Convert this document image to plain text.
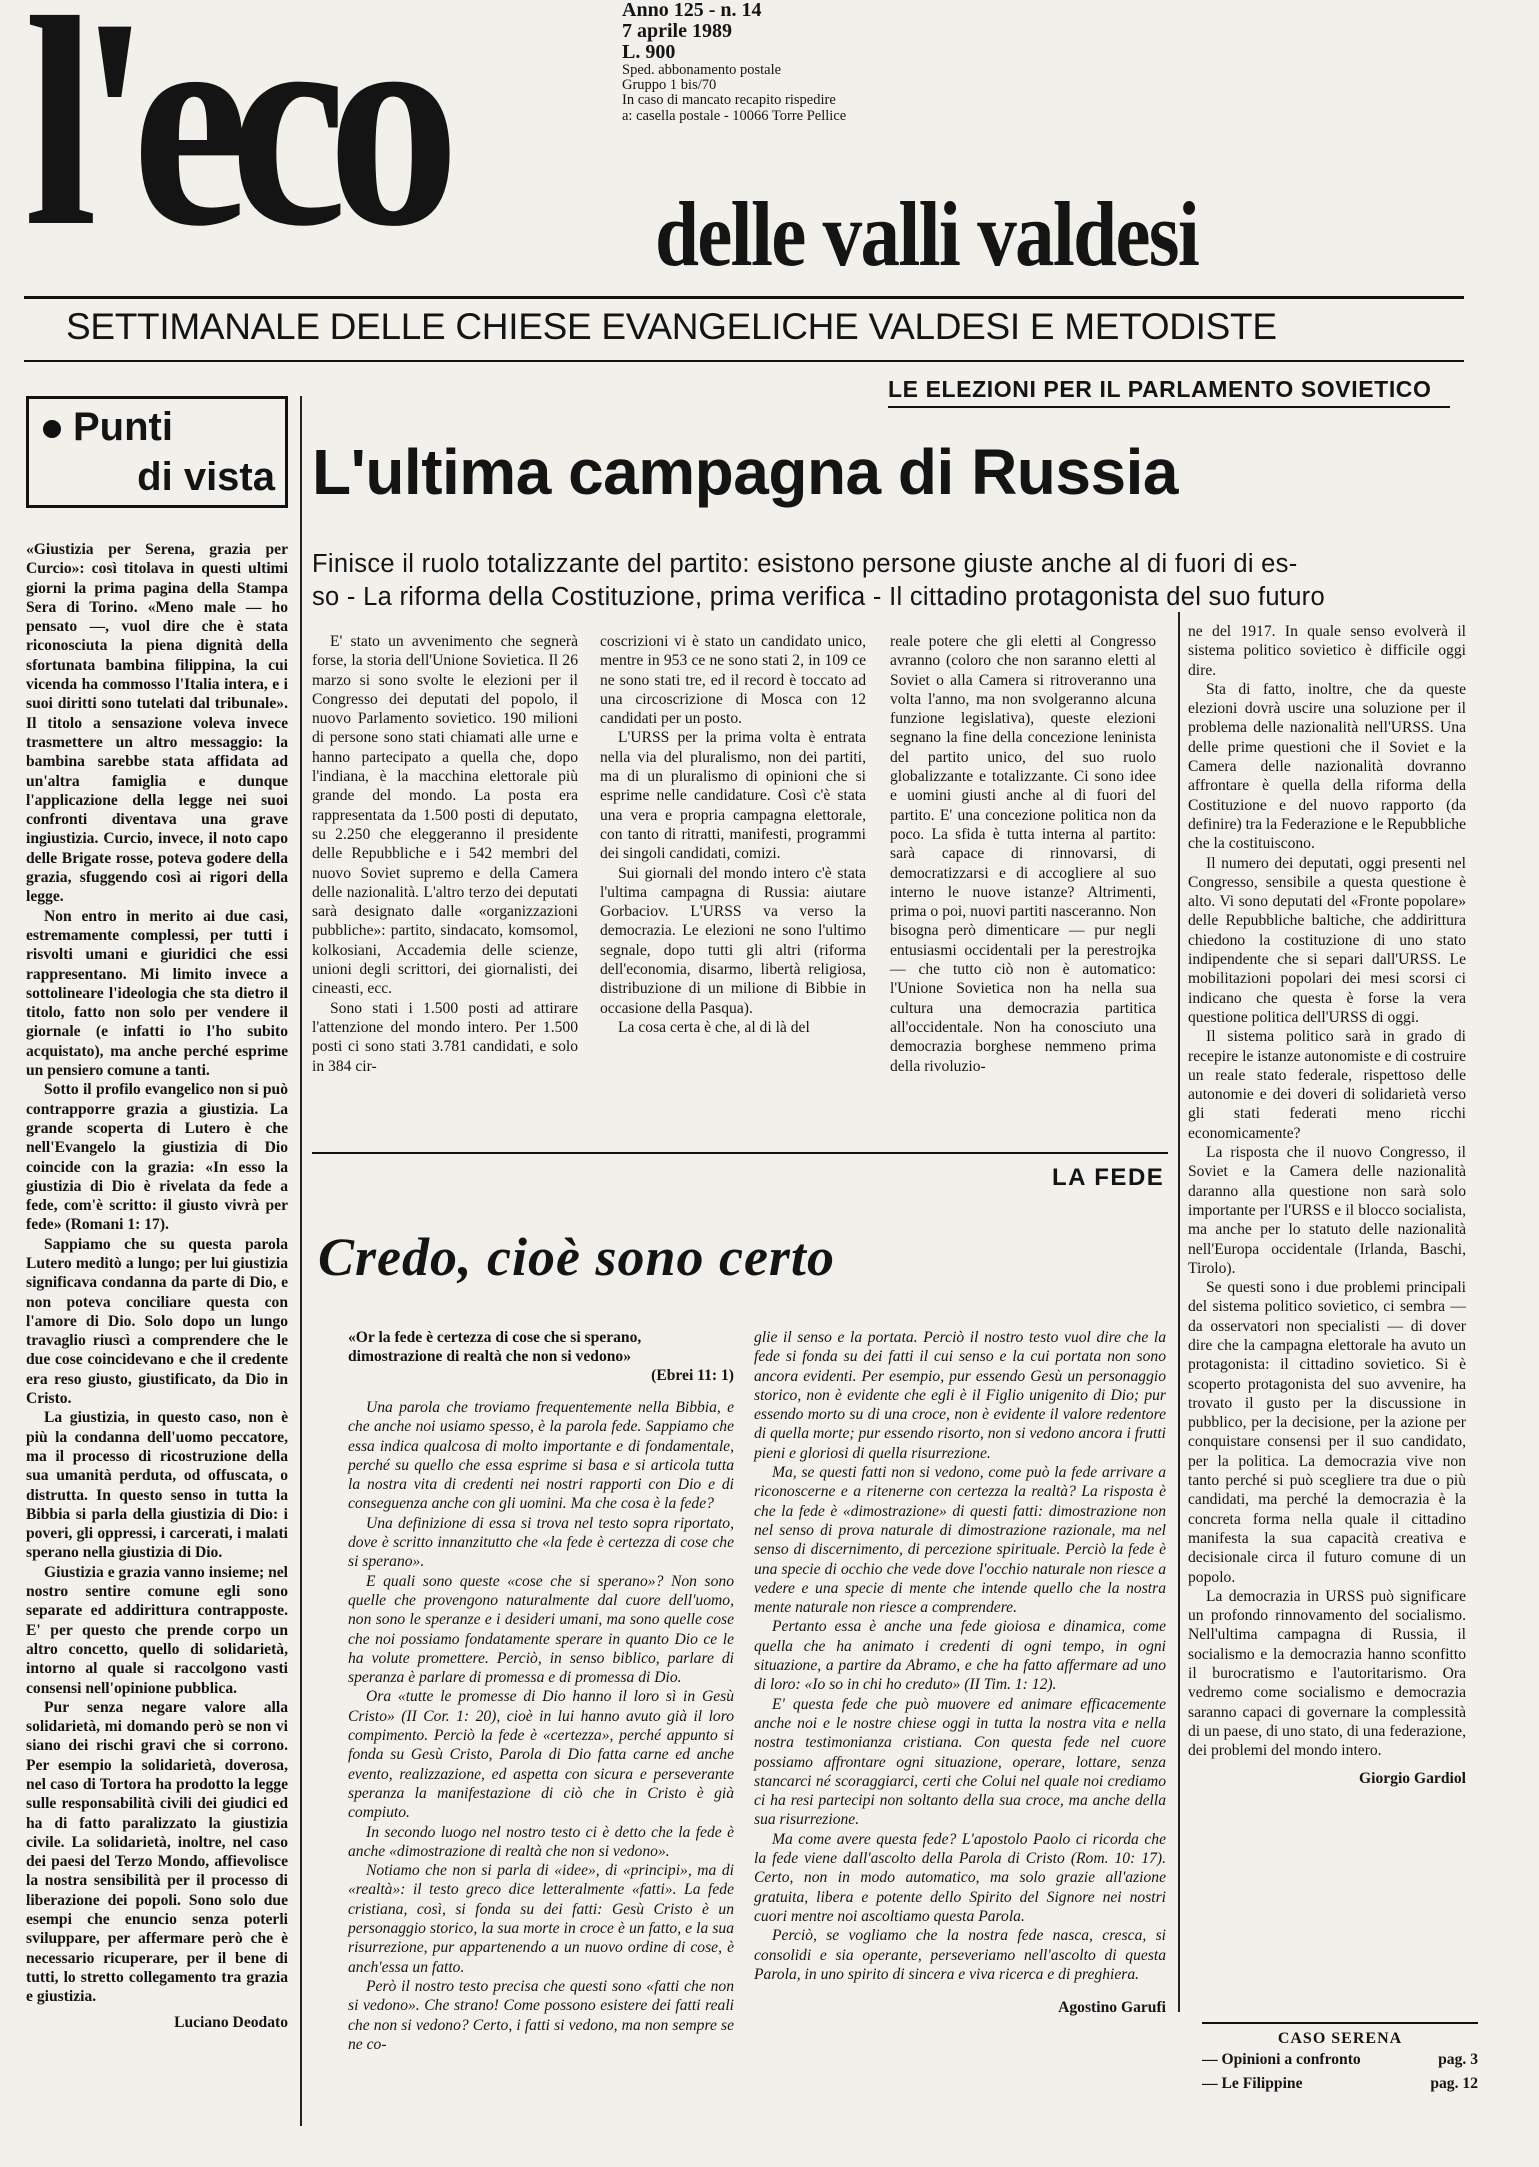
l'eco	Anno 125 - n. 14
7 aprile 1989
L. 900
Sped. abbonamento postale
Gruppo 1 bis/70
In caso di mancato recapito rispedire
a: casella postale - 10066 Torre Pellice
delle valli valdesi
SETTIMANALE DELLE CHIESE EVANGELICHE VALDESI E METODISTE
Punti
di vista

«Giustizia per Serena, grazia per Curcio»: così titolava in questi ultimi giorni la prima pagina della Stampa Sera di Torino. «Meno male — ho pensato —, vuol dire che è stata riconosciuta la piena dignità della sfortunata bambina filippina, la cui vicenda ha commosso l'Italia intera, e i suoi diritti sono tutelati dal tribunale». Il titolo a sensazione voleva invece trasmettere un altro messaggio: la bambina sarebbe stata affidata ad un'altra famiglia e dunque l'applicazione della legge nei suoi confronti diventava una grave ingiustizia. Curcio, invece, il noto capo delle Brigate rosse, poteva godere della grazia, sfuggendo così ai rigori della legge.

Non entro in merito ai due casi, estremamente complessi, per tutti i risvolti umani e giuridici che essi rappresentano. Mi limito invece a sottolineare l'ideologia che sta dietro il titolo, fatto non solo per vendere il giornale (e infatti io l'ho subito acquistato), ma anche perché esprime un pensiero comune a tanti.

Sotto il profilo evangelico non si può contrapporre grazia a giustizia. La grande scoperta di Lutero è che nell'Evangelo la giustizia di Dio coincide con la grazia: «In esso la giustizia di Dio è rivelata da fede a fede, com'è scritto: il giusto vivrà per fede» (Romani 1: 17).

Sappiamo che su questa parola Lutero meditò a lungo; per lui giustizia significava condanna da parte di Dio, e non poteva conciliare questa con l'amore di Dio. Solo dopo un lungo travaglio riuscì a comprendere che le due cose coincidevano e che il credente era reso giusto, giustificato, da Dio in Cristo.

La giustizia, in questo caso, non è più la condanna dell'uomo peccatore, ma il processo di ricostruzione della sua umanità perduta, od offuscata, o distrutta. In questo senso in tutta la Bibbia si parla della giustizia di Dio: i poveri, gli oppressi, i carcerati, i malati sperano nella giustizia di Dio.

Giustizia e grazia vanno insieme; nel nostro sentire comune egli sono separate ed addirittura contrapposte. E' per questo che prende corpo un altro concetto, quello di solidarietà, intorno al quale si raccolgono vasti consensi nell'opinione pubblica.

Pur senza negare valore alla solidarietà, mi domando però se non vi siano dei rischi gravi che si corrono. Per esempio la solidarietà, doverosa, nel caso di Tortora ha prodotto la legge sulle responsabilità civili dei giudici ed ha di fatto paralizzato la giustizia civile. La solidarietà, inoltre, nel caso dei paesi del Terzo Mondo, affievolisce la nostra sensibilità per il processo di liberazione dei popoli. Sono solo due esempi che enuncio senza poterli sviluppare, per affermare però che è necessario ricuperare, per il bene di tutti, lo stretto collegamento tra grazia e giustizia.

Luciano Deodato

LE ELEZIONI PER IL PARLAMENTO SOVIETICO
L'ultima campagna di Russia
Finisce il ruolo totalizzante del partito: esistono persone giuste anche al di fuori di es-
so - La riforma della Costituzione, prima verifica - Il cittadino protagonista del suo futuro

E' stato un avvenimento che segnerà forse, la storia dell'Unione Sovietica. Il 26 marzo si sono svolte le elezioni per il Congresso dei deputati del popolo, il nuovo Parlamento sovietico. 190 milioni di persone sono stati chiamati alle urne e hanno partecipato a quella che, dopo l'indiana, è la macchina elettorale più grande del mondo. La posta era rappresentata da 1.500 posti di deputato, su 2.250 che eleggeranno il presidente delle Repubbliche e i 542 membri del nuovo Soviet supremo e della Camera delle nazionalità. L'altro terzo dei deputati sarà designato dalle «organizzazioni pubbliche»: partito, sindacato, komsomol, kolkosiani, Accademia delle scienze, unioni degli scrittori, dei giornalisti, dei cineasti, ecc.

Sono stati i 1.500 posti ad attirare l'attenzione del mondo intero. Per 1.500 posti ci sono stati 3.781 candidati, e solo in 384 cir-

coscrizioni vi è stato un candidato unico, mentre in 953 ce ne sono stati 2, in 109 ce ne sono stati tre, ed il record è toccato ad una circoscrizione di Mosca con 12 candidati per un posto.

L'URSS per la prima volta è entrata nella via del pluralismo, non dei partiti, ma di un pluralismo di opinioni che si esprime nelle candidature. Così c'è stata una vera e propria campagna elettorale, con tanto di ritratti, manifesti, programmi dei singoli candidati, comizi.

Sui giornali del mondo intero c'è stata l'ultima campagna di Russia: aiutare Gorbaciov. L'URSS va verso la democrazia. Le elezioni ne sono l'ultimo segnale, dopo tutti gli altri (riforma dell'economia, disarmo, libertà religiosa, distribuzione di un milione di Bibbie in occasione della Pasqua).

La cosa certa è che, al di là del

reale potere che gli eletti al Congresso avranno (coloro che non saranno eletti al Soviet o alla Camera si ritroveranno una volta l'anno, ma non svolgeranno alcuna funzione legislativa), queste elezioni segnano la fine della concezione leninista del partito unico, del suo ruolo globalizzante e totalizzante. Ci sono idee e uomini giusti anche al di fuori del partito. E' una concezione politica non da poco. La sfida è tutta interna al partito: sarà capace di rinnovarsi, di democratizzarsi e di accogliere al suo interno le nuove istanze? Altrimenti, prima o poi, nuovi partiti nasceranno. Non bisogna però dimenticare — pur negli entusiasmi occidentali per la perestrojka — che tutto ciò non è automatico: l'Unione Sovietica non ha nella sua cultura una democrazia partitica all'occidentale. Non ha conosciuto una democrazia borghese nemmeno prima della rivoluzio-

ne del 1917. In quale senso evolverà il sistema politico sovietico è difficile oggi dire.

Sta di fatto, inoltre, che da queste elezioni dovrà uscire una soluzione per il problema delle nazionalità nell'URSS. Una delle prime questioni che il Soviet e la Camera delle nazionalità dovranno affrontare è quella della riforma della Costituzione e del nuovo rapporto (da definire) tra la Federazione e le Repubbliche che la costituiscono.

Il numero dei deputati, oggi presenti nel Congresso, sensibile a questa questione è alto. Vi sono deputati del «Fronte popolare» delle Repubbliche baltiche, che addirittura chiedono la costituzione di uno stato indipendente che si separi dall'URSS. Le mobilitazioni popolari dei mesi scorsi ci indicano che questa è forse la vera questione politica dell'URSS di oggi.

Il sistema politico sarà in grado di recepire le istanze autonomiste e di costruire un reale stato federale, rispettoso delle autonomie e dei doveri di solidarietà verso gli stati federati meno ricchi economicamente?

La risposta che il nuovo Congresso, il Soviet e la Camera delle nazionalità daranno alla questione non sarà solo importante per l'URSS e il blocco socialista, ma anche per lo statuto delle nazionalità nell'Europa occidentale (Irlanda, Baschi, Tirolo).

Se questi sono i due problemi principali del sistema politico sovietico, ci sembra — da osservatori non specialisti — di dover dire che la campagna elettorale ha avuto un protagonista: il cittadino sovietico. Si è scoperto protagonista del suo avvenire, ha trovato il gusto per la discussione in pubblico, per la decisione, per la azione per conquistare consensi per il suo candidato, per la politica. La democrazia vive non tanto perché si può scegliere tra due o più candidati, ma perché la democrazia è la concreta forma nella quale il cittadino manifesta la sua capacità creativa e decisionale circa il futuro comune di un popolo.

La democrazia in URSS può significare un profondo rinnovamento del socialismo. Nell'ultima campagna di Russia, il socialismo e la democrazia hanno sconfitto il burocratismo e l'autoritarismo. Ora vedremo come socialismo e democrazia saranno capaci di governare la complessità di un paese, di uno stato, di una federazione, dei problemi del mondo intero.

Giorgio Gardiol

LA FEDE
Credo, cioè sono certo
«Or la fede è certezza di cose che si sperano, dimostrazione di realtà che non si vedono»
(Ebrei 11: 1)

Una parola che troviamo frequentemente nella Bibbia, e che anche noi usiamo spesso, è la parola fede. Sappiamo che essa indica qualcosa di molto importante e di fondamentale, perché su quello che essa esprime si basa e si articola tutta la nostra vita di credenti nei nostri rapporti con Dio e di conseguenza anche con gli uomini. Ma che cosa è la fede?

Una definizione di essa si trova nel testo sopra riportato, dove è scritto innanzitutto che «la fede è certezza di cose che si sperano».

E quali sono queste «cose che si sperano»? Non sono quelle che provengono naturalmente dal cuore dell'uomo, non sono le speranze e i desideri umani, ma sono quelle cose che noi possiamo fondatamente sperare in quanto Dio ce le ha volute promettere. Perciò, in senso biblico, parlare di speranza è parlare di promessa e di promessa di Dio.

Ora «tutte le promesse di Dio hanno il loro sì in Gesù Cristo» (II Cor. 1: 20), cioè in lui hanno avuto già il loro compimento. Perciò la fede è «certezza», perché appunto si fonda su Gesù Cristo, Parola di Dio fatta carne ed anche evento, realizzazione, ed aspetta con sicura e perseverante speranza la manifestazione di ciò che in Cristo è già compiuto.

In secondo luogo nel nostro testo ci è detto che la fede è anche «dimostrazione di realtà che non si vedono».

Notiamo che non si parla di «idee», di «principi», ma di «realtà»: il testo greco dice letteralmente «fatti». La fede cristiana, così, si fonda su dei fatti: Gesù Cristo è un personaggio storico, la sua morte in croce è un fatto, e la sua risurrezione, pur appartenendo a un nuovo ordine di cose, è anch'essa un fatto.

Però il nostro testo precisa che questi sono «fatti che non si vedono». Che strano! Come possono esistere dei fatti reali che non si vedono? Certo, i fatti si vedono, ma non sempre se ne co-

glie il senso e la portata. Perciò il nostro testo vuol dire che la fede si fonda su dei fatti il cui senso e la cui portata non sono ancora evidenti. Per esempio, pur essendo Gesù un personaggio storico, non è evidente che egli è il Figlio unigenito di Dio; pur essendo morto su di una croce, non è evidente il valore redentore di quella morte; pur essendo risorto, non si vedono ancora i frutti pieni e gloriosi di quella risurrezione.

Ma, se questi fatti non si vedono, come può la fede arrivare a riconoscerne e a ritenerne con certezza la realtà? La risposta è che la fede è «dimostrazione» di questi fatti: dimostrazione non nel senso di prova naturale di dimostrazione razionale, ma nel senso di discernimento, di percezione spirituale. Perciò la fede è una specie di occhio che vede dove l'occhio naturale non riesce a vedere e una specie di mente che intende quello che la nostra mente naturale non riesce a comprendere.

Pertanto essa è anche una fede gioiosa e dinamica, come quella che ha animato i credenti di ogni tempo, in ogni situazione, a partire da Abramo, e che ha fatto affermare ad uno di loro: «Io so in chi ho creduto» (II Tim. 1: 12).

E' questa fede che può muovere ed animare efficacemente anche noi e le nostre chiese oggi in tutta la nostra vita e nella nostra testimonianza cristiana. Con questa fede nel cuore possiamo affrontare ogni situazione, operare, lottare, senza stancarci né scoraggiarci, certi che Colui nel quale noi crediamo ci ha resi partecipi non soltanto della sua croce, ma anche della sua risurrezione.

Ma come avere questa fede? L'apostolo Paolo ci ricorda che la fede viene dall'ascolto della Parola di Cristo (Rom. 10: 17). Certo, non in modo automatico, ma solo grazie all'azione gratuita, libera e potente dello Spirito del Signore nei nostri cuori mentre noi ascoltiamo questa Parola.

Perciò, se vogliamo che la nostra fede nasca, cresca, si consolidi e sia operante, perseveriamo nell'ascolto di questa Parola, in uno spirito di sincera e viva ricerca e di preghiera.

Agostino Garufi

CASO SERENA
— Opinioni a confronto	pag. 3
— Le Filippine	pag. 12
